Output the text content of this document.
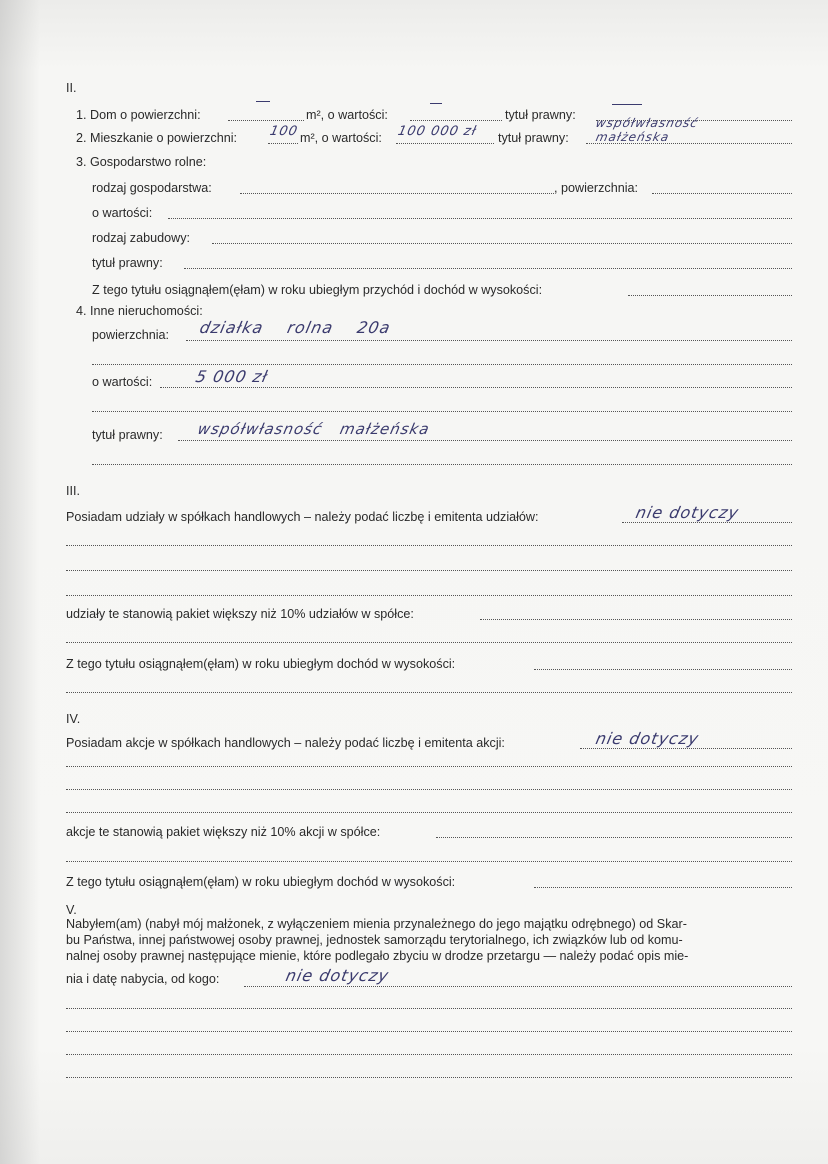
II.
1. Dom o powierzchni:	m², o wartości:	tytuł prawny:
2. Mieszkanie o powierzchni: 100 m², o wartości: 100 000 zł tytuł prawny:
współwłasność
małżeńska
3. Gospodarstwo rolne:
rodzaj gospodarstwa:	, powierzchnia:
o wartości:
rodzaj zabudowy:
tytuł prawny:
Z tego tytułu osiągnąłem(ęłam) w roku ubiegłym przychód i dochód w wysokości:
4. Inne nieruchomości:
powierzchnia: działka rolna 20a
o wartości:	5 000 zł
tytuł prawny: współwłasność małżeńska
III.
Posiadam udziały w spółkach handlowych – należy podać liczbę i emitenta udziałów:	nie dotyczy
udziały te stanowią pakiet większy niż 10% udziałów w spółce:
Z tego tytułu osiągnąłem(ęłam) w roku ubiegłym dochód w wysokości:
IV.
Posiadam akcje w spółkach handlowych – należy podać liczbę i emitenta akcji:	nie dotyczy
akcje te stanowią pakiet większy niż 10% akcji w spółce:
Z tego tytułu osiągnąłem(ęłam) w roku ubiegłym dochód w wysokości:
V.
Nabyłem(am) (nabył mój małżonek, z wyłączeniem mienia przynależnego do jego majątku odrębnego) od Skar-
bu Państwa, innej państwowej osoby prawnej, jednostek samorządu terytorialnego, ich związków lub od komu-
nalnej osoby prawnej następujące mienie, które podlegało zbyciu w drodze przetargu — należy podać opis mie-
nia i datę nabycia, od kogo:	nie dotyczy
